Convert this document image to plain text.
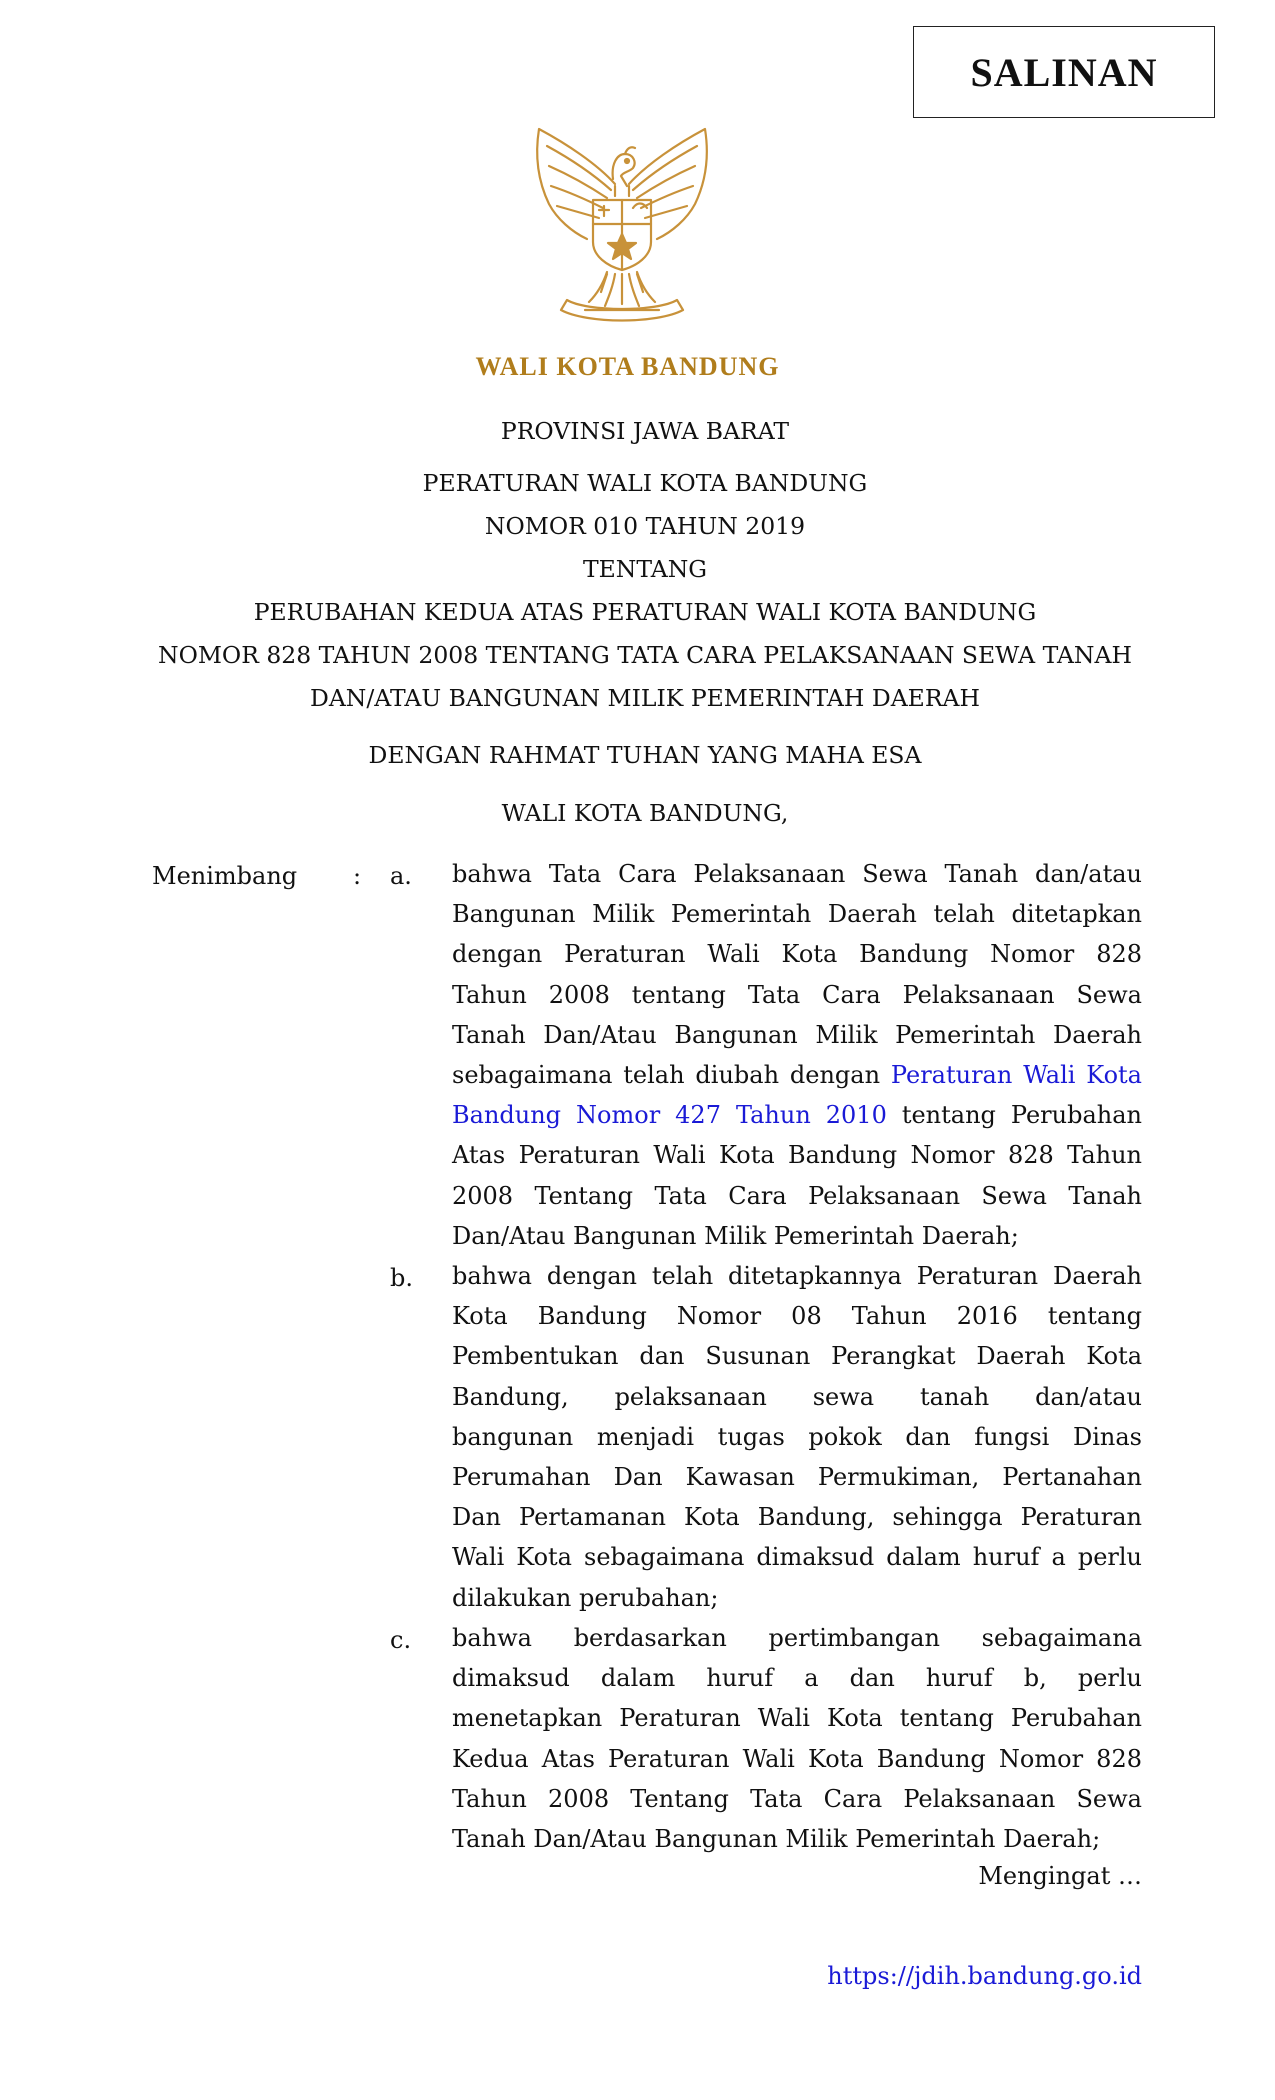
SALINAN
WALI KOTA BANDUNG
PROVINSI JAWA BARAT
PERATURAN WALI KOTA BANDUNG
NOMOR 010 TAHUN 2019
TENTANG
PERUBAHAN KEDUA ATAS PERATURAN WALI KOTA BANDUNG
NOMOR 828 TAHUN 2008 TENTANG TATA CARA PELAKSANAAN SEWA TANAH
DAN/ATAU BANGUNAN MILIK PEMERINTAH DAERAH
DENGAN RAHMAT TUHAN YANG MAHA ESA
WALI KOTA BANDUNG,
Menimbang : a. bahwa Tata Cara Pelaksanaan Sewa Tanah dan/atau
Bangunan Milik Pemerintah Daerah telah ditetapkan
dengan Peraturan Wali Kota Bandung Nomor 828
Tahun 2008 tentang Tata Cara Pelaksanaan Sewa
Tanah Dan/Atau Bangunan Milik Pemerintah Daerah
sebagaimana telah diubah dengan Peraturan Wali Kota
Bandung Nomor 427 Tahun 2010 tentang Perubahan
Atas Peraturan Wali Kota Bandung Nomor 828 Tahun
2008 Tentang Tata Cara Pelaksanaan Sewa Tanah
Dan/Atau Bangunan Milik Pemerintah Daerah;
b. bahwa dengan telah ditetapkannya Peraturan Daerah
Kota Bandung Nomor 08 Tahun 2016 tentang
Pembentukan dan Susunan Perangkat Daerah Kota
Bandung, pelaksanaan sewa tanah dan/atau
bangunan menjadi tugas pokok dan fungsi Dinas
Perumahan Dan Kawasan Permukiman, Pertanahan
Dan Pertamanan Kota Bandung, sehingga Peraturan
Wali Kota sebagaimana dimaksud dalam huruf a perlu
dilakukan perubahan;
c. bahwa berdasarkan pertimbangan sebagaimana
dimaksud dalam huruf a dan huruf b, perlu
menetapkan Peraturan Wali Kota tentang Perubahan
Kedua Atas Peraturan Wali Kota Bandung Nomor 828
Tahun 2008 Tentang Tata Cara Pelaksanaan Sewa
Tanah Dan/Atau Bangunan Milik Pemerintah Daerah;
Mengingat …
https://jdih.bandung.go.id
